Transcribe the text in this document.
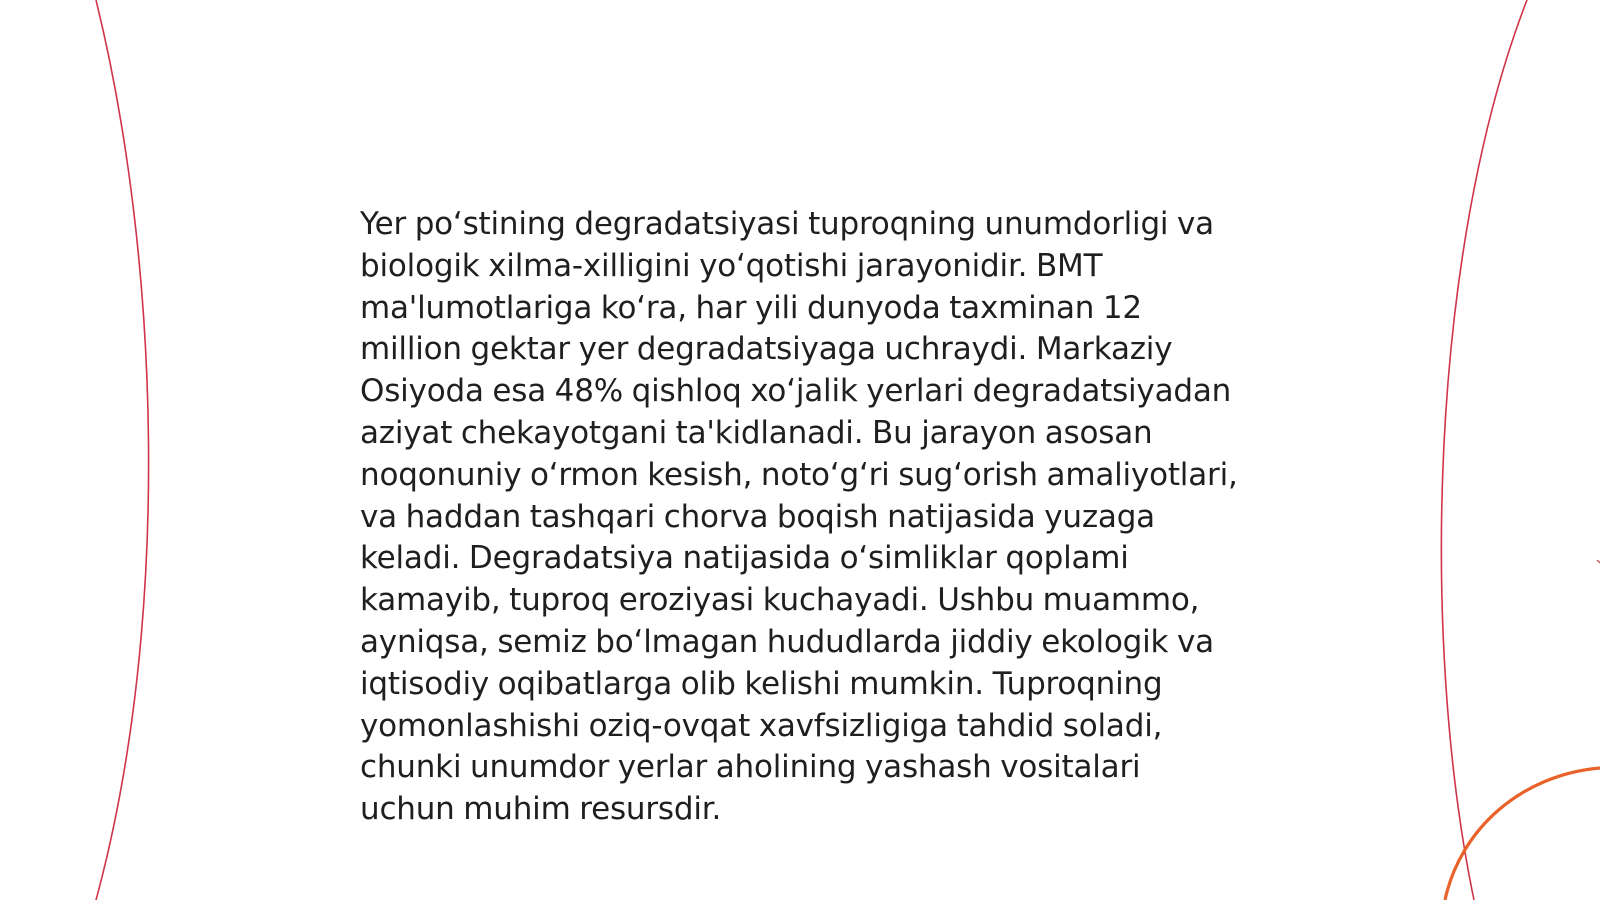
Yer poʻstining degradatsiyasi tuproqning unumdorligi va biologik xilma-xilligini yoʻqotishi jarayonidir. BMT ma'lumotlariga koʻra, har yili dunyoda taxminan 12 million gektar yer degradatsiyaga uchraydi. Markaziy Osiyoda esa 48% qishloq xoʻjalik yerlari degradatsiyadan aziyat chekayotgani ta'kidlanadi. Bu jarayon asosan noqonuniy oʻrmon kesish, notoʻgʻri sugʻorish amaliyotlari, va haddan tashqari chorva boqish natijasida yuzaga keladi. Degradatsiya natijasida oʻsimliklar qoplami kamayib, tuproq eroziyasi kuchayadi. Ushbu muammo, ayniqsa, semiz boʻlmagan hududlarda jiddiy ekologik va iqtisodiy oqibatlarga olib kelishi mumkin. Tuproqning yomonlashishi oziq-ovqat xavfsizligiga tahdid soladi, chunki unumdor yerlar aholining yashash vositalari uchun muhim resursdir.
